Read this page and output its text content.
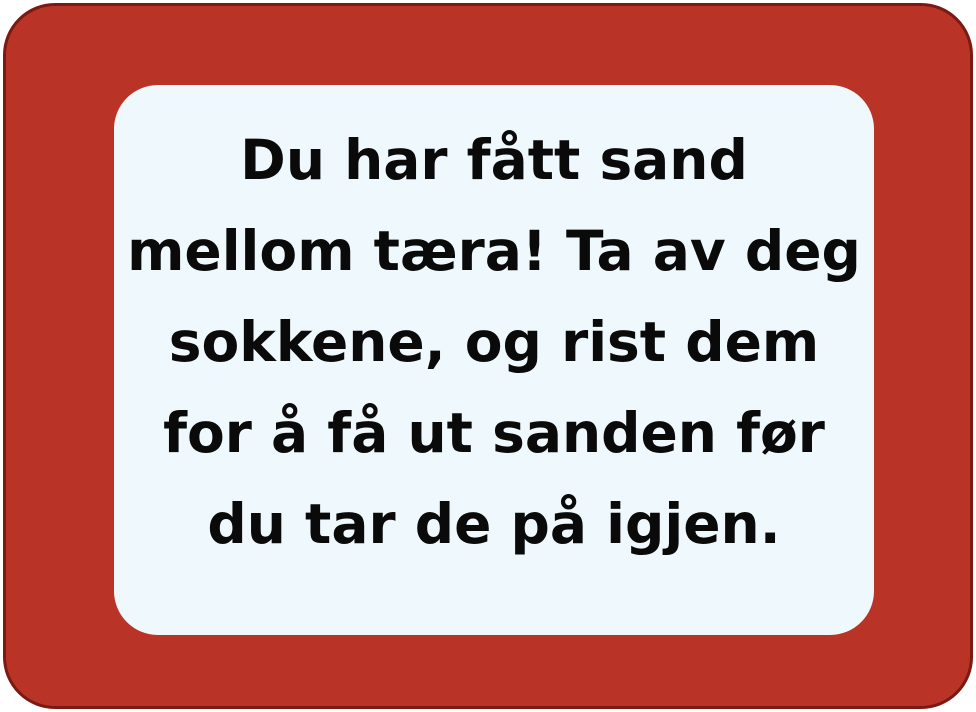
Du har fått sand
mellom tæra! Ta av deg
sokkene, og rist dem
for å få ut sanden før
du tar de på igjen.
